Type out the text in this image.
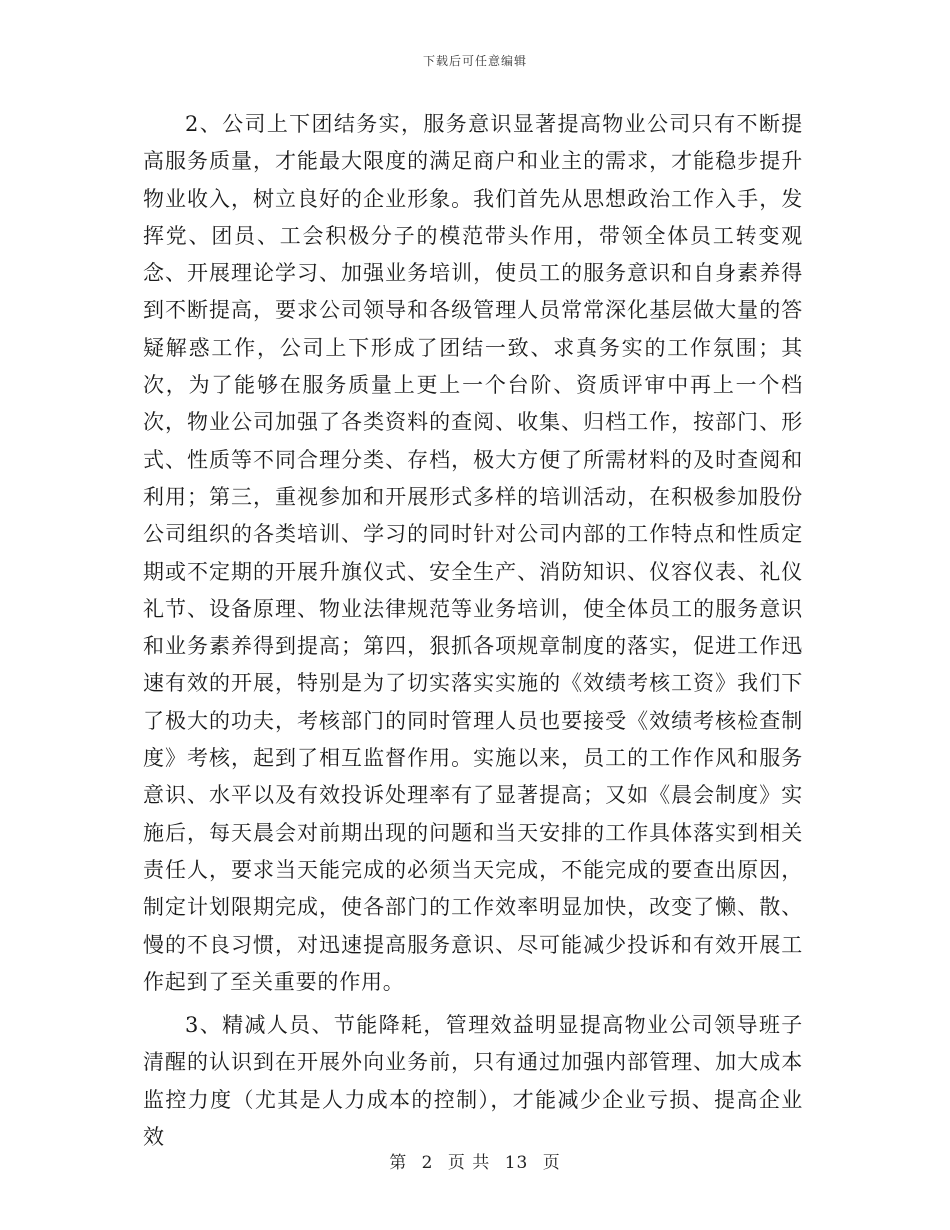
下载后可任意编辑

2、公司上下团结务实，服务意识显著提高物业公司只有不断提高服务质量，才能最大限度的满足商户和业主的需求，才能稳步提升物业收入，树立良好的企业形象。我们首先从思想政治工作入手，发挥党、团员、工会积极分子的模范带头作用，带领全体员工转变观念、开展理论学习、加强业务培训，使员工的服务意识和自身素养得到不断提高，要求公司领导和各级管理人员常常深化基层做大量的答疑解惑工作，公司上下形成了团结一致、求真务实的工作氛围；其次，为了能够在服务质量上更上一个台阶、资质评审中再上一个档次，物业公司加强了各类资料的查阅、收集、归档工作，按部门、形式、性质等不同合理分类、存档，极大方便了所需材料的及时查阅和利用；第三，重视参加和开展形式多样的培训活动，在积极参加股份公司组织的各类培训、学习的同时针对公司内部的工作特点和性质定期或不定期的开展升旗仪式、安全生产、消防知识、仪容仪表、礼仪礼节、设备原理、物业法律规范等业务培训，使全体员工的服务意识和业务素养得到提高；第四，狠抓各项规章制度的落实，促进工作迅速有效的开展，特别是为了切实落实实施的《效绩考核工资》我们下了极大的功夫，考核部门的同时管理人员也要接受《效绩考核检查制度》考核，起到了相互监督作用。实施以来，员工的工作作风和服务意识、水平以及有效投诉处理率有了显著提高；又如《晨会制度》实施后，每天晨会对前期出现的问题和当天安排的工作具体落实到相关责任人，要求当天能完成的必须当天完成，不能完成的要查出原因，制定计划限期完成，使各部门的工作效率明显加快，改变了懒、散、慢的不良习惯，对迅速提高服务意识、尽可能减少投诉和有效开展工作起到了至关重要的作用。

3、精减人员、节能降耗，管理效益明显提高物业公司领导班子清醒的认识到在开展外向业务前，只有通过加强内部管理、加大成本监控力度（尤其是人力成本的控制），才能减少企业亏损、提高企业效

第 2 页 共 13 页
